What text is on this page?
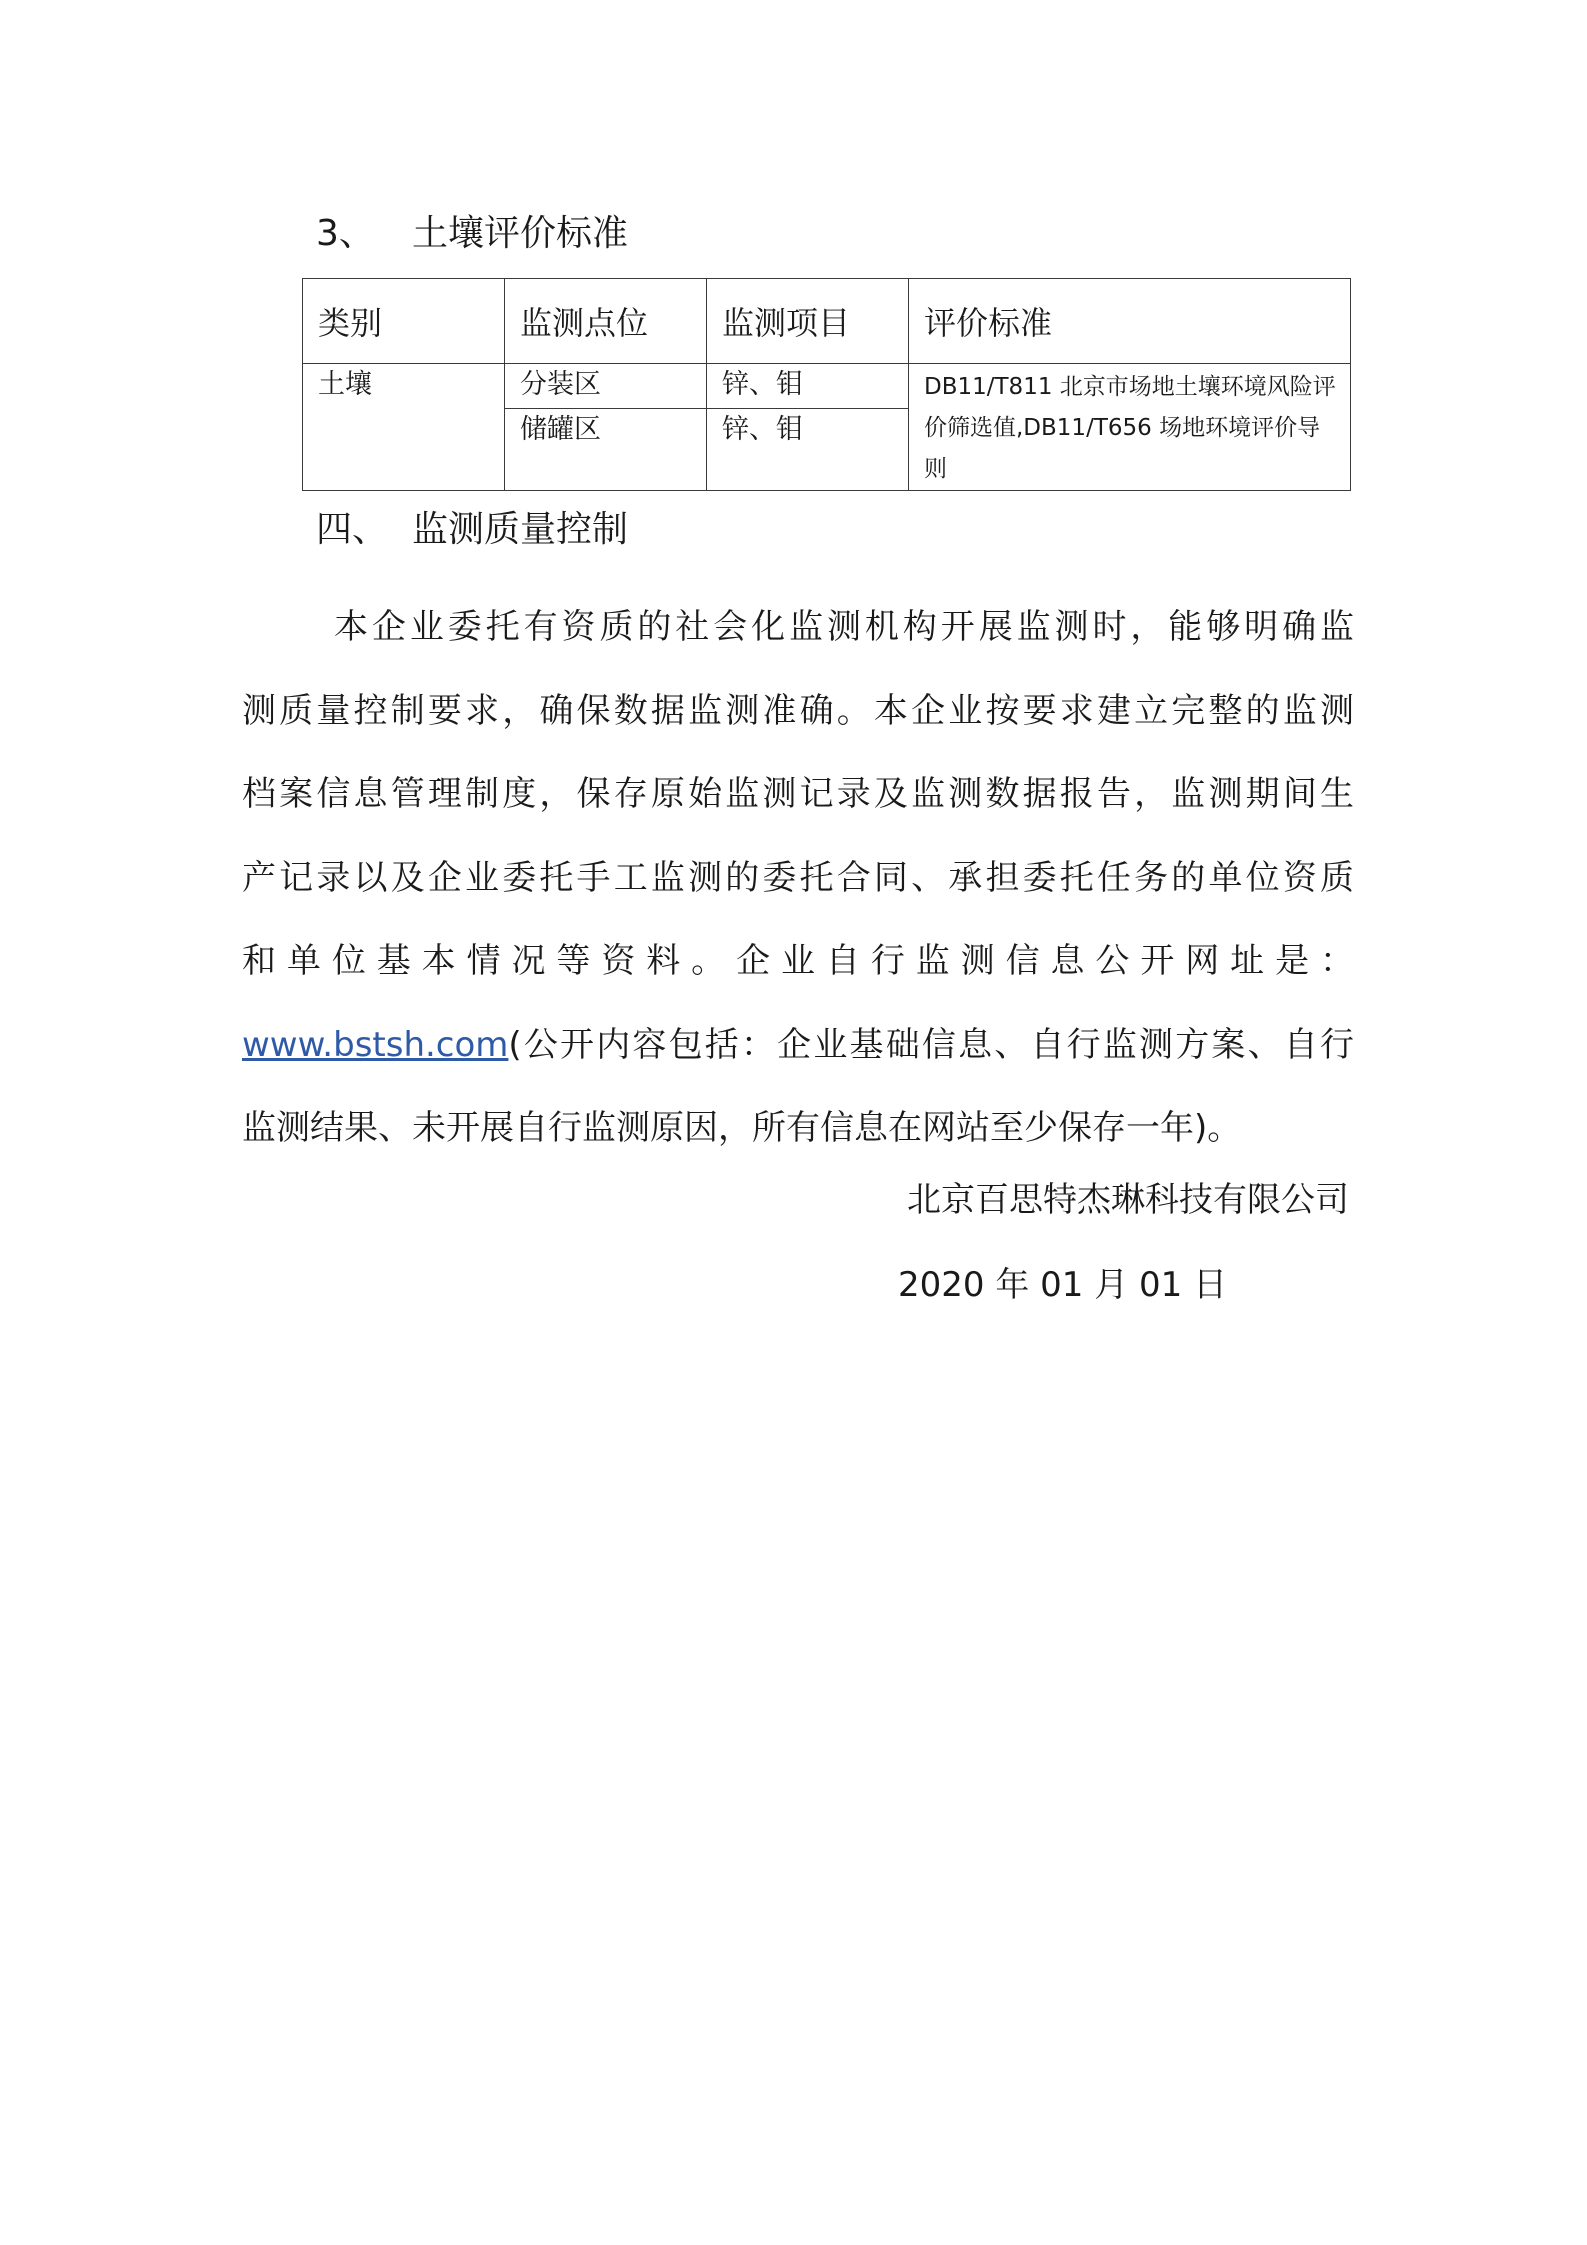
3、 土壤评价标准
类别	监测点位	监测项目	评价标准
土壤	分装区	锌、钼	DB11/T811 北京市场地土壤环境风险评价筛选值,DB11/T656 场地环境评价导则
	储罐区	锌、钼	
四、 监测质量控制
本企业委托有资质的社会化监测机构开展监测时，能够明确监
测质量控制要求，确保数据监测准确。本企业按要求建立完整的监测
档案信息管理制度，保存原始监测记录及监测数据报告，监测期间生
产记录以及企业委托手工监测的委托合同、承担委托任务的单位资质
和单位基本情况等资料。企业自行监测信息公开网址是：
www.bstsh.com(公开内容包括：企业基础信息、自行监测方案、自行
监测结果、未开展自行监测原因，所有信息在网站至少保存一年)。
北京百思特杰琳科技有限公司
2020 年 01 月 01 日
